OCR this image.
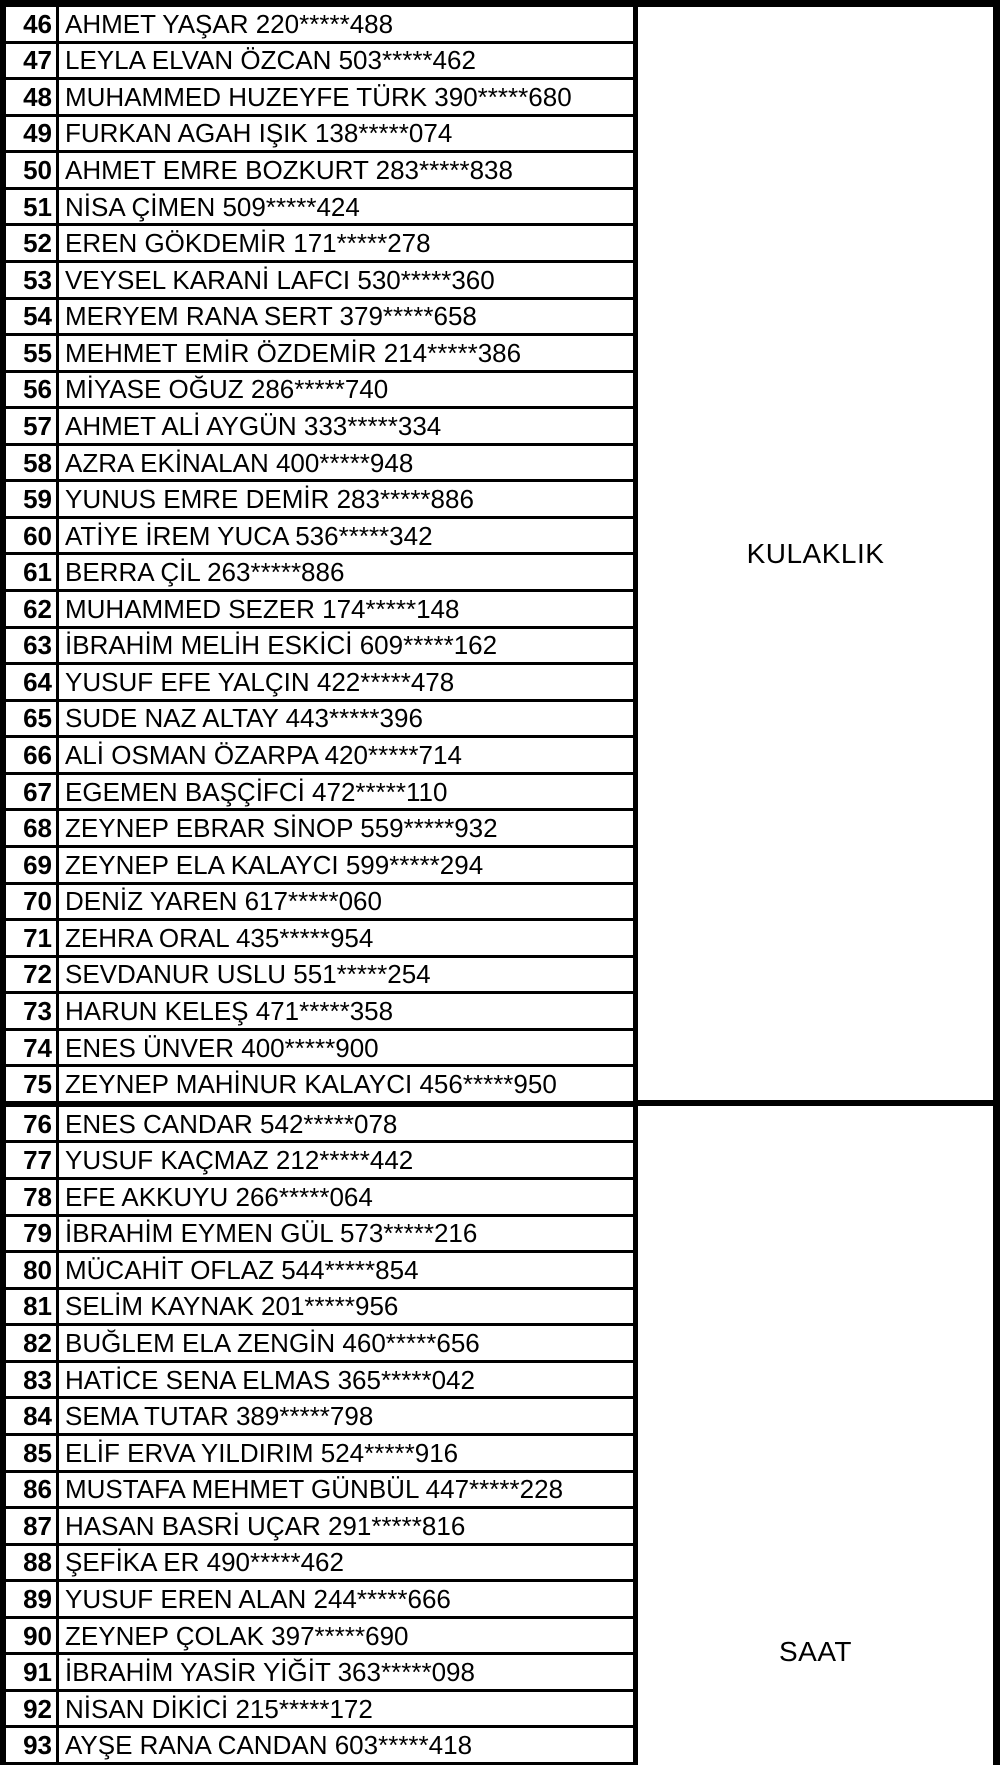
46 AHMET YAŞAR 220*****488
47 LEYLA ELVAN ÖZCAN 503*****462
48 MUHAMMED HUZEYFE TÜRK 390*****680
49 FURKAN AGAH IŞIK 138*****074
50 AHMET EMRE BOZKURT 283*****838
51 NİSA ÇİMEN 509*****424
52 EREN GÖKDEMİR 171*****278
53 VEYSEL KARANİ LAFCI 530*****360
54 MERYEM RANA SERT 379*****658
55 MEHMET EMİR ÖZDEMİR 214*****386
56 MİYASE OĞUZ 286*****740
57 AHMET ALİ AYGÜN 333*****334
58 AZRA EKİNALAN 400*****948
59 YUNUS EMRE DEMİR 283*****886
60 ATİYE İREM YUCA 536*****342
61 BERRA ÇİL 263*****886
62 MUHAMMED SEZER 174*****148
63 İBRAHİM MELİH ESKİCİ 609*****162
64 YUSUF EFE YALÇIN 422*****478
65 SUDE NAZ ALTAY 443*****396
66 ALİ OSMAN ÖZARPA 420*****714
67 EGEMEN BAŞÇİFCİ 472*****110
68 ZEYNEP EBRAR SİNOP 559*****932
69 ZEYNEP ELA KALAYCI 599*****294
70 DENİZ YAREN 617*****060
71 ZEHRA ORAL 435*****954
72 SEVDANUR USLU 551*****254
73 HARUN KELEŞ 471*****358
74 ENES ÜNVER 400*****900
75 ZEYNEP MAHİNUR KALAYCI 456*****950
76 ENES CANDAR 542*****078
77 YUSUF KAÇMAZ 212*****442
78 EFE AKKUYU 266*****064
79 İBRAHİM EYMEN GÜL 573*****216
80 MÜCAHİT OFLAZ 544*****854
81 SELİM KAYNAK 201*****956
82 BUĞLEM ELA ZENGİN 460*****656
83 HATİCE SENA ELMAS 365*****042
84 SEMA TUTAR 389*****798
85 ELİF ERVA YILDIRIM 524*****916
86 MUSTAFA MEHMET GÜNBÜL 447*****228
87 HASAN BASRİ UÇAR 291*****816
88 ŞEFİKA ER 490*****462
89 YUSUF EREN ALAN 244*****666
90 ZEYNEP ÇOLAK 397*****690
91 İBRAHİM YASİR YİĞİT 363*****098
92 NİSAN DİKİCİ 215*****172
93 AYŞE RANA CANDAN 603*****418
KULAKLIK
SAAT
